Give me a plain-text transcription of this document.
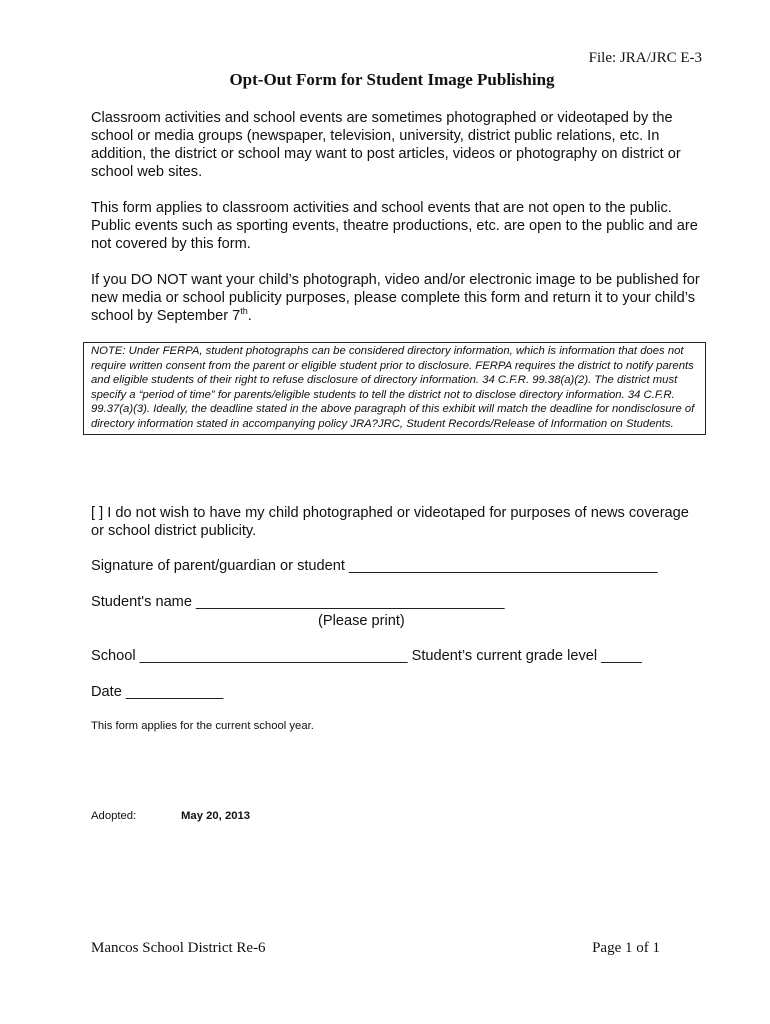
File: JRA/JRC E-3
Opt-Out Form for Student Image Publishing

Classroom activities and school events are sometimes photographed or videotaped by the school or media groups (newspaper, television, university, district public relations, etc. In addition, the district or school may want to post articles, videos or photography on district or school web sites.

This form applies to classroom activities and school events that are not open to the public. Public events such as sporting events, theatre productions, etc. are open to the public and are not covered by this form.

If you DO NOT want your child’s photograph, video and/or electronic image to be published for new media or school publicity purposes, please complete this form and return it to your child’s school by September 7th.

NOTE: Under FERPA, student photographs can be considered directory information, which is information that does not require written consent from the parent or eligible student prior to disclosure. FERPA requires the district to notify parents and eligible students of their right to refuse disclosure of directory information. 34 C.F.R. 99.38(a)(2). The district must specify a “period of time” for parents/eligible students to tell the district not to disclose directory information. 34 C.F.R. 99.37(a)(3). Ideally, the deadline stated in the above paragraph of this exhibit will match the deadline for nondisclosure of directory information stated in accompanying policy JRA?JRC, Student Records/Release of Information on Students.
[ ] I do not wish to have my child photographed or videotaped for purposes of news coverage or school district publicity.
Signature of parent/guardian or student ______________________________________
Student's name ______________________________________
(Please print)
School _________________________________ Student’s current grade level _____
Date ____________
This form applies for the current school year.
Adopted:	May 20, 2013
Mancos School District Re-6	Page 1 of 1
